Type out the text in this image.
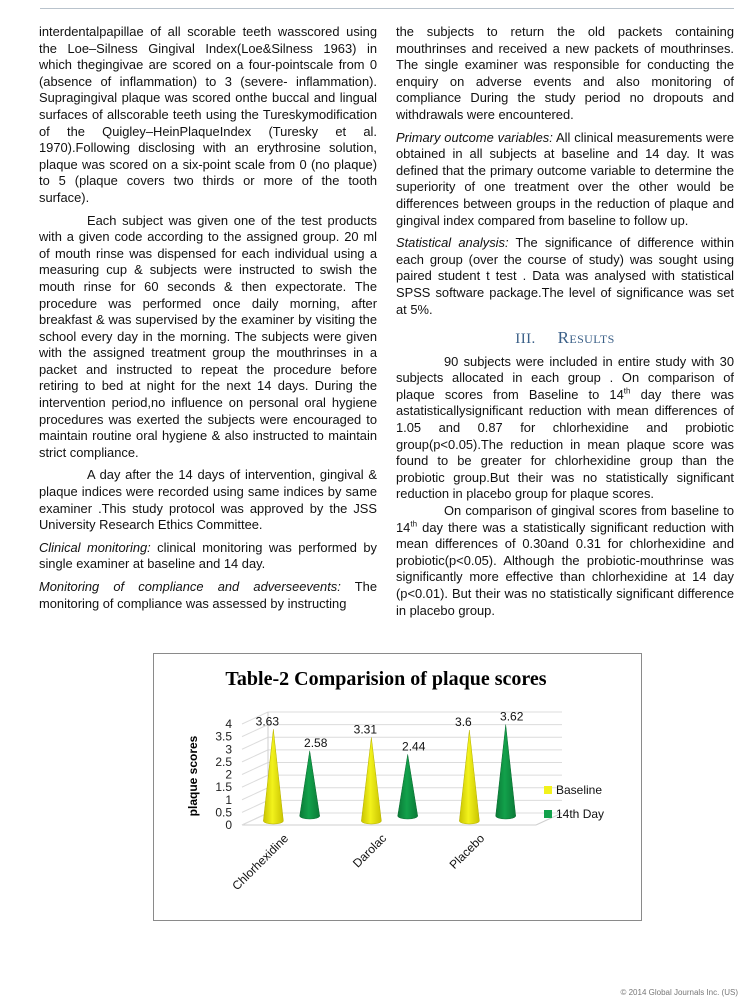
interdentalpapillae of all scorable teeth wasscored using the Loe–Silness Gingival Index(Loe&Silness 1963) in which thegingivae are scored on a four-pointscale from 0 (absence of inflammation) to 3 (severe- inflammation). Supragingival plaque was scored onthe buccal and lingual surfaces of allscorable teeth using the Tureskymodification of the Quigley–HeinPlaqueIndex (Turesky et al. 1970).Following disclosing with an erythrosine solution, plaque was scored on a six-point scale from 0 (no plaque) to 5 (plaque covers two thirds or more of the tooth surface).

Each subject was given one of the test products with a given code according to the assigned group. 20 ml of mouth rinse was dispensed for each individual using a measuring cup & subjects were instructed to swish the mouth rinse for 60 seconds & then expectorate. The procedure was performed once daily morning, after breakfast & was supervised by the examiner by visiting the school every day in the morning. The subjects were given with the assigned treatment group the mouthrinses in a packet and instructed to repeat the procedure before retiring to bed at night for the next 14 days. During the intervention period,no influence on personal oral hygiene procedures was exerted the subjects were encouraged to maintain routine oral hygiene & also instructed to maintain strict compliance.

A day after the 14 days of intervention, gingival & plaque indices were recorded using same indices by same examiner .This study protocol was approved by the JSS University Research Ethics Committee.

Clinical monitoring: clinical monitoring was performed by single examiner at baseline and 14 day.

Monitoring of compliance and adverseevents: The monitoring of compliance was assessed by instructing

the subjects to return the old packets containing mouthrinses and received a new packets of mouthrinses. The single examiner was responsible for conducting the enquiry on adverse events and also monitoring of compliance During the study period no dropouts and withdrawals were encountered.

Primary outcome variables: All clinical measurements were obtained in all subjects at baseline and 14 day. It was defined that the primary outcome variable to determine the superiority of one treatment over the other would be differences between groups in the reduction of plaque and gingival index compared from baseline to follow up.

Statistical analysis: The significance of difference within each group (over the course of study) was sought using paired student t test . Data was analysed with statistical SPSS software package.The level of significance was set at 5%.

III. Results

90 subjects were included in entire study with 30 subjects allocated in each group . On comparison of plaque scores from Baseline to 14th day there was astatisticallysignificant reduction with mean differences of 1.05 and 0.87 for chlorhexidine and probiotic group(p<0.05).The reduction in mean plaque score was found to be greater for chlorhexidine group than the probiotic group.But their was no statistically significant reduction in placebo group for plaque scores.

On comparison of gingival scores from baseline to 14th day there was a statistically significant reduction with mean differences of 0.30and 0.31 for chlorhexidine and probiotic(p<0.05). Although the probiotic-mouthrinse was significantly more effective than chlorhexidine at 14 day (p<0.01). But their was no statistically significant difference in placebo group.

Table-2 Comparision of plaque scores
0
0.5
1
1.5
2
2.5
3
3.5
4
plaque scores
3.63
2.58
Chlorhexidine
3.31
2.44
Darolac
3.6 3.62
Placebo
Baseline
14th Day
© 2014 Global Journals Inc. (US)
